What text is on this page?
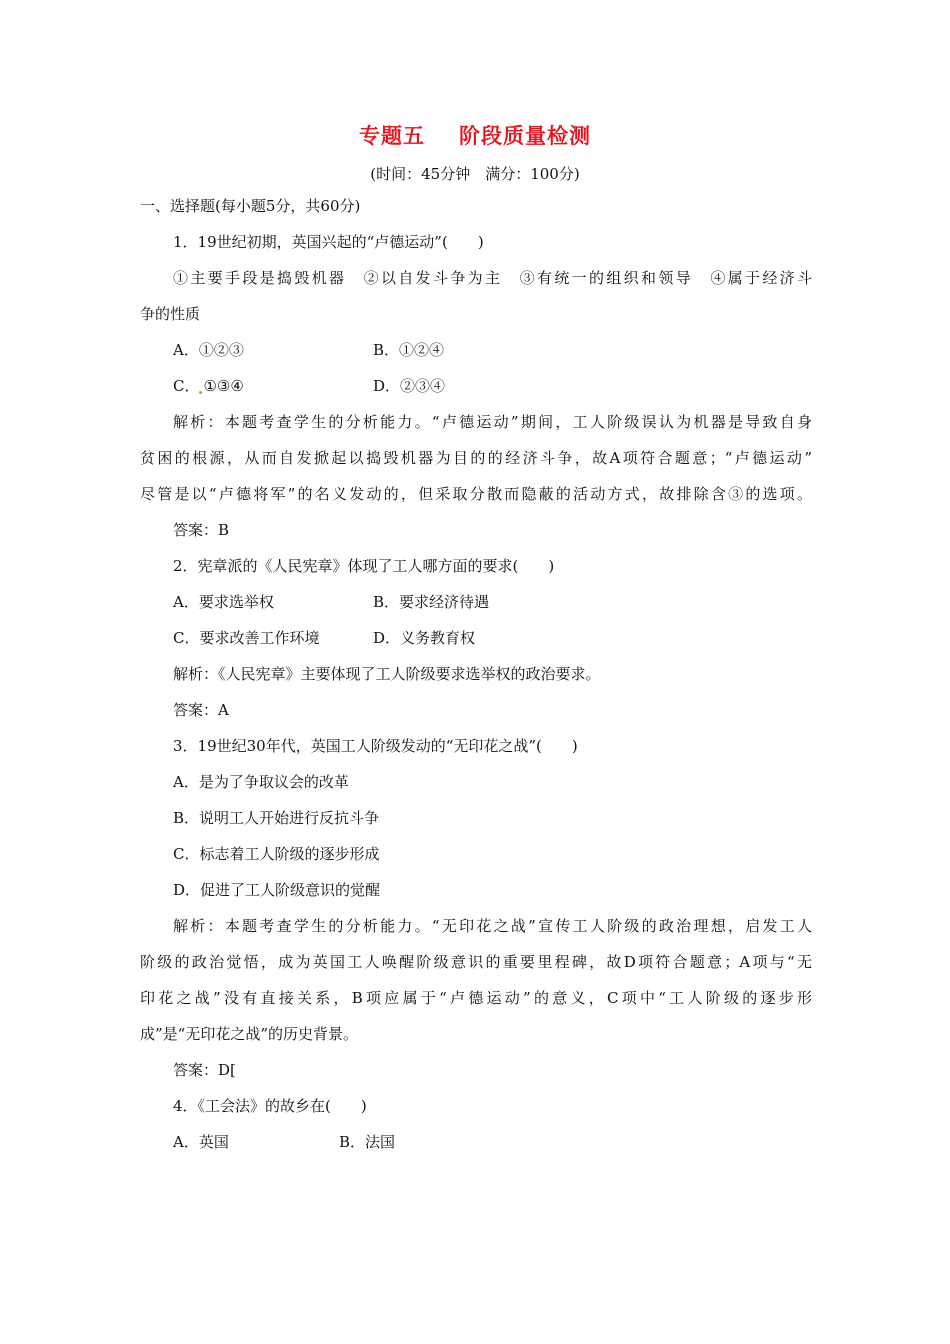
专题五 阶段质量检测
(时间：45分钟　满分：100分)
一、选择题(每小题5分，共60分)
1．19世纪初期，英国兴起的“卢德运动”(　　)
①主要手段是捣毁机器　②以自发斗争为主　③有统一的组织和领导　④属于经济斗
争的性质
A．①②③	B．①②④
C． ①③④	D．②③④
解析：本题考查学生的分析能力。“卢德运动”期间，工人阶级误认为机器是导致自身
贫困的根源，从而自发掀起以捣毁机器为目的的经济斗争，故A项符合题意；“卢德运动”
尽管是以“卢德将军”的名义发动的，但采取分散而隐蔽的活动方式，故排除含③的选项。
答案：B
2．宪章派的《人民宪章》体现了工人哪方面的要求(　　)
A．要求选举权	B．要求经济待遇
C．要求改善工作环境	D．义务教育权
解析：《人民宪章》主要体现了工人阶级要求选举权的政治要求。
答案：A
3．19世纪30年代，英国工人阶级发动的“无印花之战”(　　)
A．是为了争取议会的改革
B．说明工人开始进行反抗斗争
C．标志着工人阶级的逐步形成
D．促进了工人阶级意识的觉醒
解析：本题考查学生的分析能力。“无印花之战”宣传工人阶级的政治理想，启发工人
阶级的政治觉悟，成为英国工人唤醒阶级意识的重要里程碑，故D项符合题意；A项与“无
印花之战”没有直接关系，B项应属于“卢德运动”的意义，C项中“工人阶级的逐步形
成”是“无印花之战”的历史背景。
答案：D[
4．《工会法》的故乡在(　　)
A．英国	B．法国
